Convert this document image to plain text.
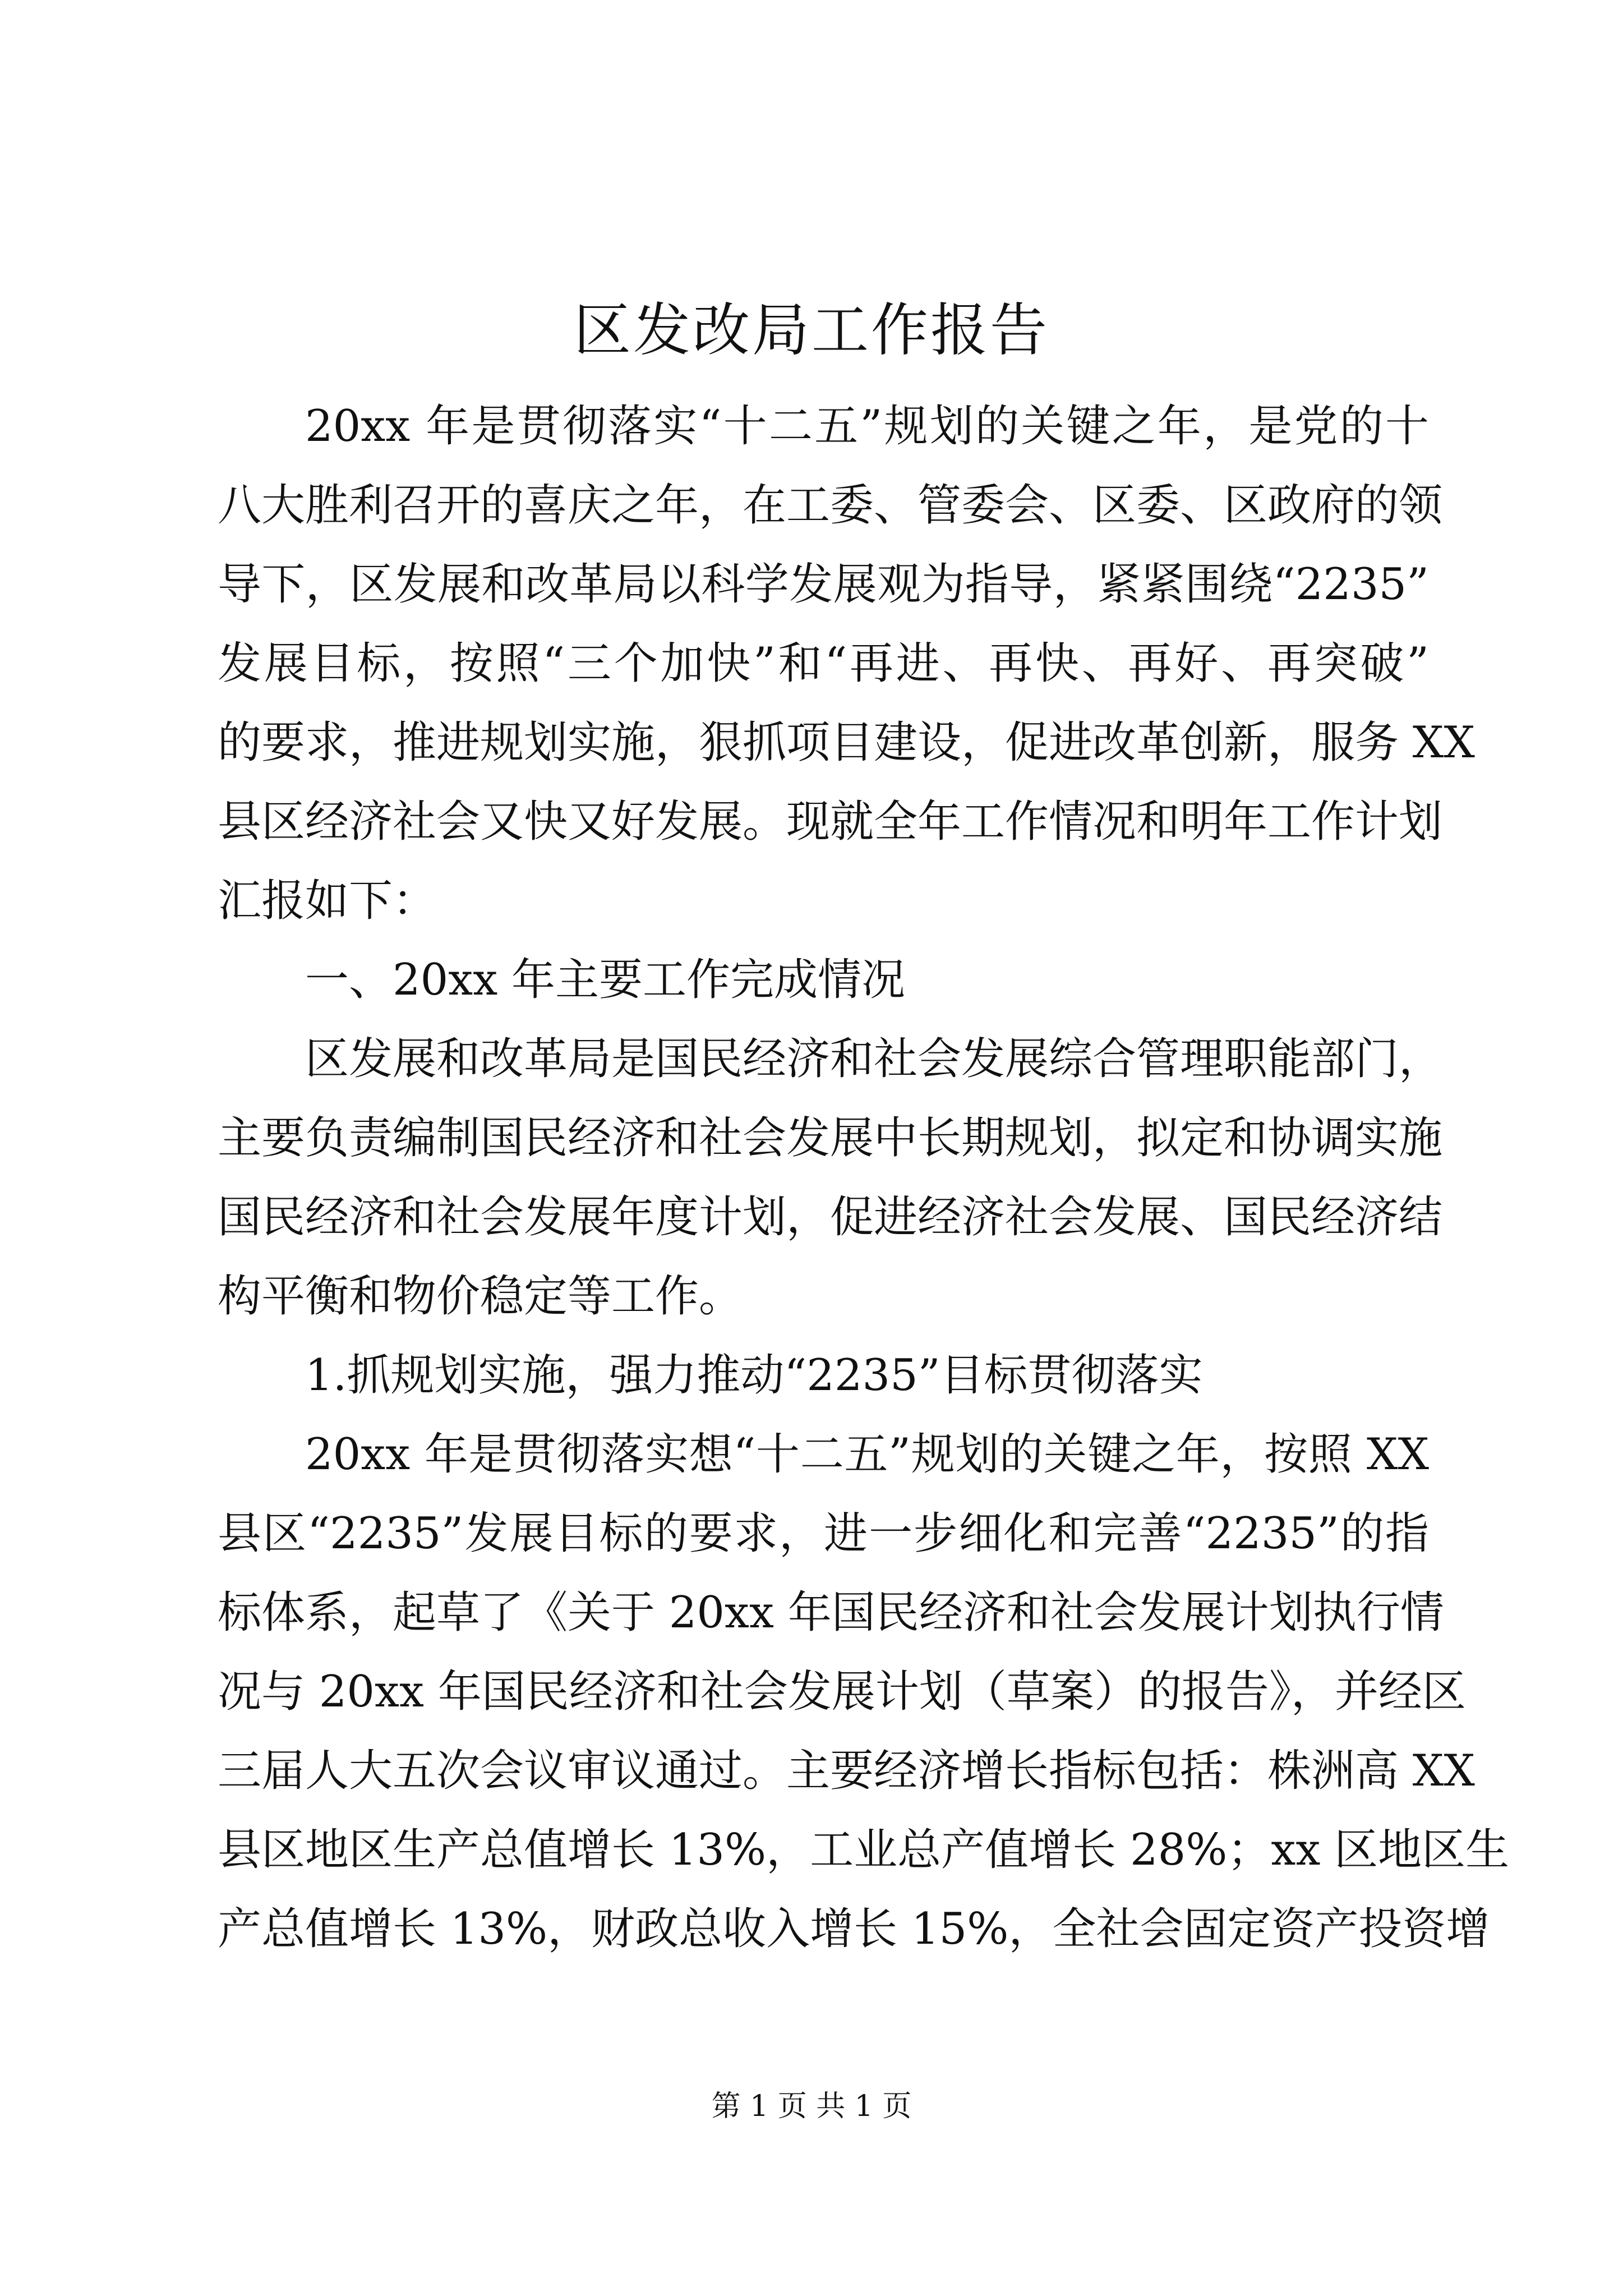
区发改局工作报告
20xx 年是贯彻落实“十二五”规划的关键之年，是党的十
八大胜利召开的喜庆之年，在工委、管委会、区委、区政府的领
导下，区发展和改革局以科学发展观为指导，紧紧围绕“2235”
发展目标，按照“三个加快”和“再进、再快、再好、再突破”
的要求，推进规划实施，狠抓项目建设，促进改革创新，服务 XX
县区经济社会又快又好发展。现就全年工作情况和明年工作计划
汇报如下：
一、20xx 年主要工作完成情况
区发展和改革局是国民经济和社会发展综合管理职能部门，
主要负责编制国民经济和社会发展中长期规划，拟定和协调实施
国民经济和社会发展年度计划，促进经济社会发展、国民经济结
构平衡和物价稳定等工作。
1.抓规划实施，强力推动“2235”目标贯彻落实
20xx 年是贯彻落实想“十二五”规划的关键之年，按照 XX
县区“2235”发展目标的要求，进一步细化和完善“2235”的指
标体系，起草了《关于 20xx 年国民经济和社会发展计划执行情
况与 20xx 年国民经济和社会发展计划（草案）的报告》，并经区
三届人大五次会议审议通过。主要经济增长指标包括：株洲高 XX
县区地区生产总值增长 13%，工业总产值增长 28%；xx 区地区生
产总值增长 13%，财政总收入增长 15%，全社会固定资产投资增
第 1 页 共 1 页
